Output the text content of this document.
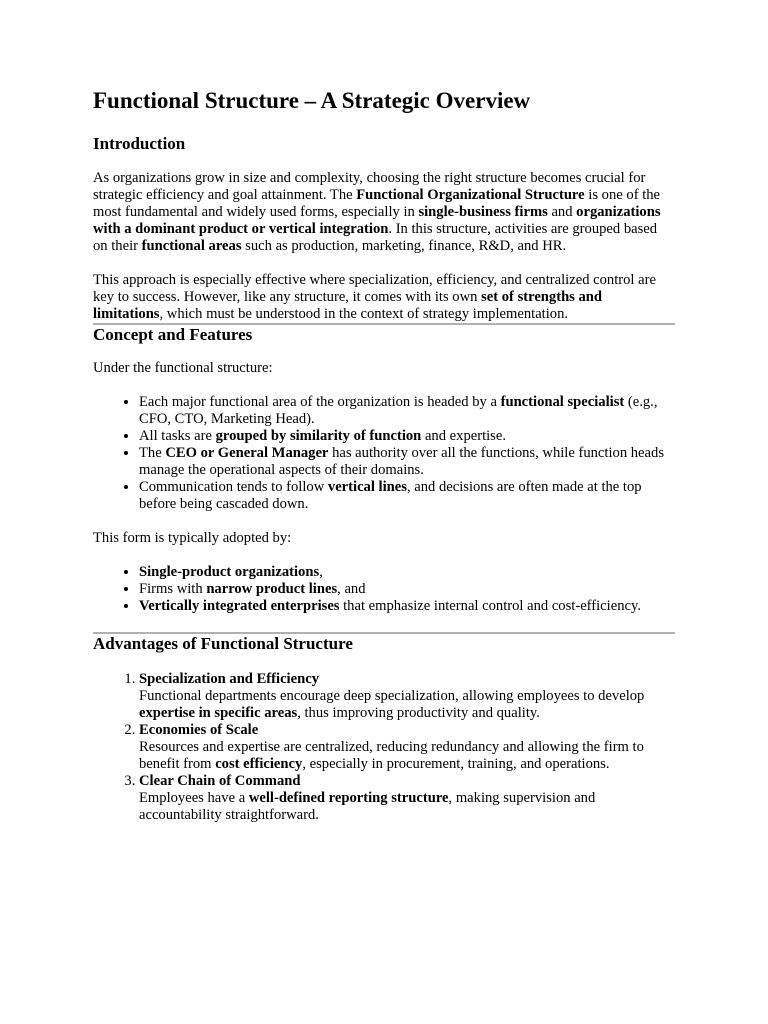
Functional Structure – A Strategic Overview
Introduction

As organizations grow in size and complexity, choosing the right structure becomes crucial for strategic efficiency and goal attainment. The Functional Organizational Structure is one of the most fundamental and widely used forms, especially in single-business firms and organizations with a dominant product or vertical integration. In this structure, activities are grouped based on their functional areas such as production, marketing, finance, R&D, and HR.

This approach is especially effective where specialization, efficiency, and centralized control are key to success. However, like any structure, it comes with its own set of strengths and limitations, which must be understood in the context of strategy implementation.

Concept and Features

Under the functional structure:

• Each major functional area of the organization is headed by a functional specialist (e.g., CFO, CTO, Marketing Head).
• All tasks are grouped by similarity of function and expertise.
• The CEO or General Manager has authority over all the functions, while function heads manage the operational aspects of their domains.
• Communication tends to follow vertical lines, and decisions are often made at the top before being cascaded down.

This form is typically adopted by:

• Single-product organizations,
• Firms with narrow product lines, and
• Vertically integrated enterprises that emphasize internal control and cost-efficiency.
Advantages of Functional Structure
1. Specialization and Efficiency
Functional departments encourage deep specialization, allowing employees to develop expertise in specific areas, thus improving productivity and quality.
2. Economies of Scale
Resources and expertise are centralized, reducing redundancy and allowing the firm to benefit from cost efficiency, especially in procurement, training, and operations.
3. Clear Chain of Command
Employees have a well-defined reporting structure, making supervision and accountability straightforward.
